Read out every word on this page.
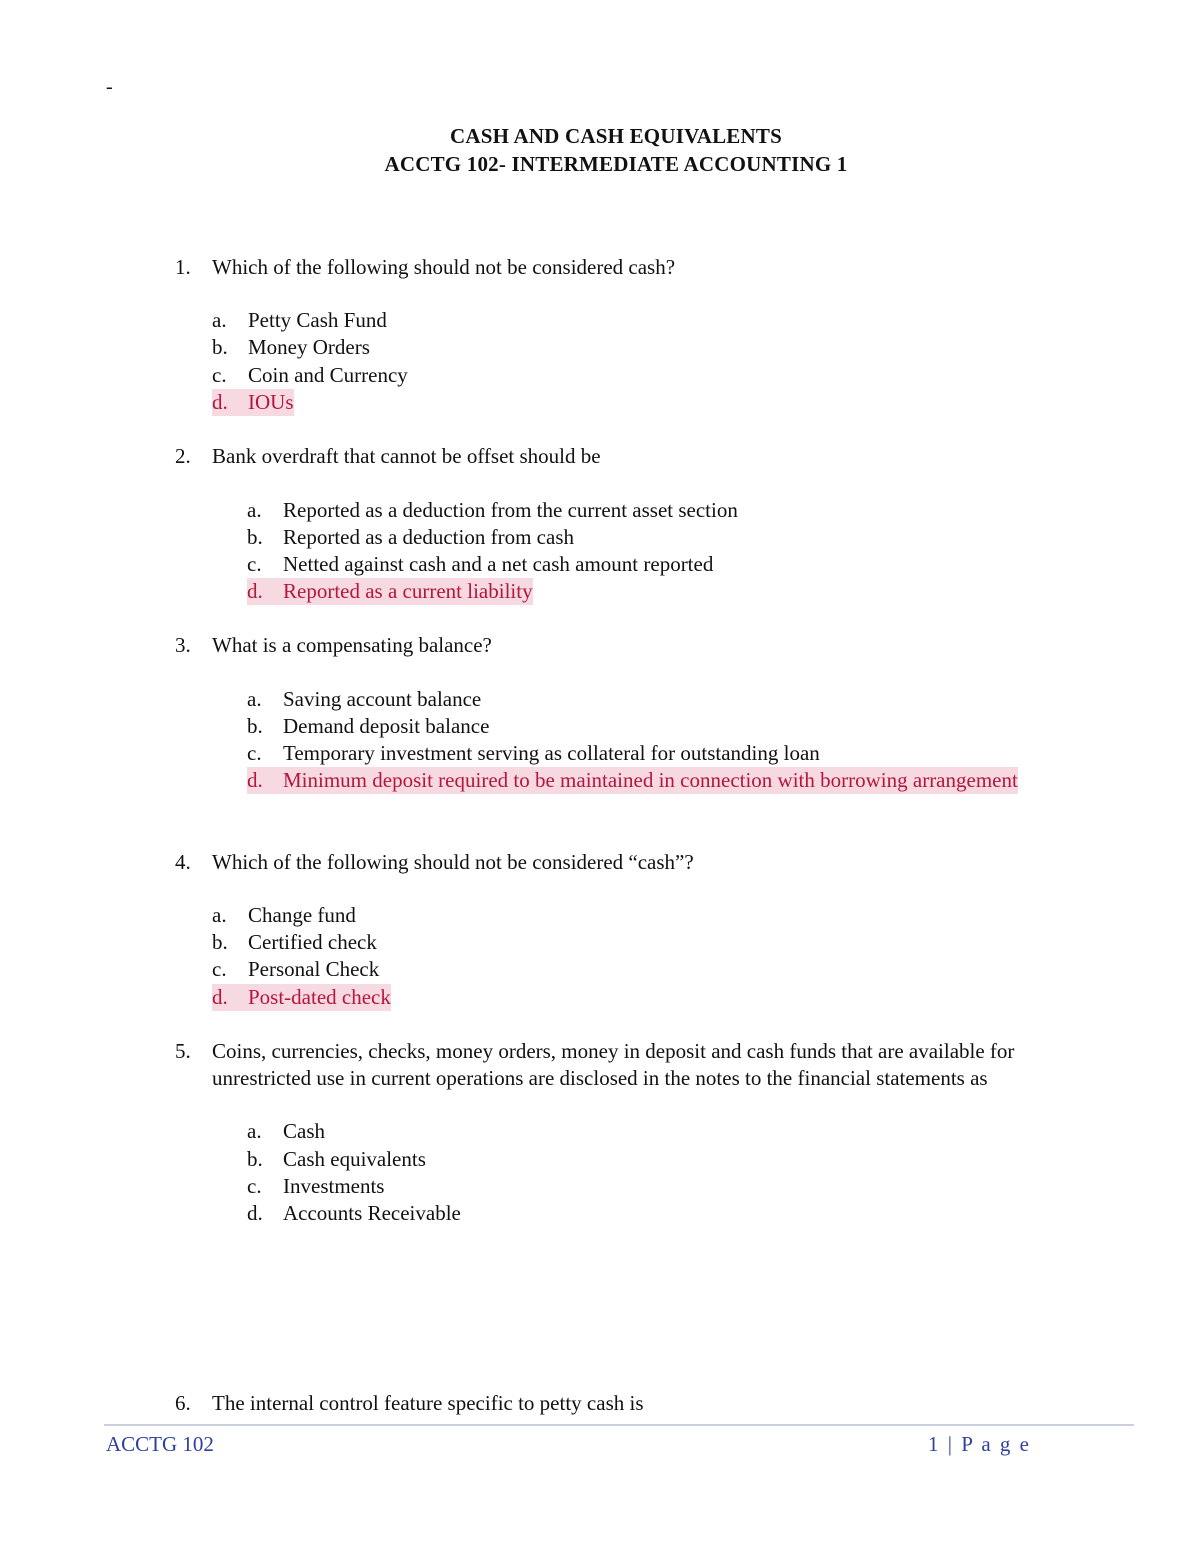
-
CASH AND CASH EQUIVALENTS
ACCTG 102- INTERMEDIATE ACCOUNTING 1
1. Which of the following should not be considered cash?
a. Petty Cash Fund
b. Money Orders
c. Coin and Currency
d. IOUs
2. Bank overdraft that cannot be offset should be
a. Reported as a deduction from the current asset section
b. Reported as a deduction from cash
c. Netted against cash and a net cash amount reported
d. Reported as a current liability
3. What is a compensating balance?
a. Saving account balance
b. Demand deposit balance
c. Temporary investment serving as collateral for outstanding loan
d. Minimum deposit required to be maintained in connection with borrowing arrangement
4. Which of the following should not be considered “cash”?
a. Change fund
b. Certified check
c. Personal Check
d. Post-dated check
5. Coins, currencies, checks, money orders, money in deposit and cash funds that are available for
unrestricted use in current operations are disclosed in the notes to the financial statements as
a. Cash
b. Cash equivalents
c. Investments
d. Accounts Receivable
6. The internal control feature specific to petty cash is
ACCTG 102	1 | P a g e
